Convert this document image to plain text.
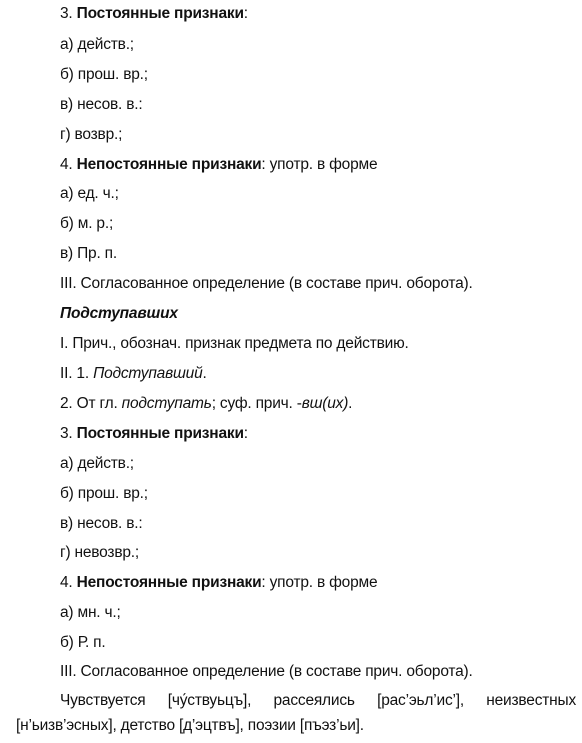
3. Постоянные признаки:
а) действ.;
б) прош. вр.;
в) несов. в.:
г) возвр.;
4. Непостоянные признаки: употр. в форме
а) ед. ч.;
б) м. р.;
в) Пр. п.
III. Согласованное определение (в составе прич. оборота).
Подступавших
I. Прич., обознач. признак предмета по действию.
II. 1. Подступавший.
2. От гл. подступать; суф. прич. -вш(их).
3. Постоянные признаки:
а) действ.;
б) прош. вр.;
в) несов. в.:
г) невозвр.;
4. Непостоянные признаки: употр. в форме
а) мн. ч.;
б) Р. п.
III. Согласованное определение (в составе прич. оборота).
Чувствуется [чу́ствуьцъ], рассеялись [рас’эьл’ис’], неизвестных [н’ьизв’эсных], детство [д’эцтвъ], поэзии [пъэз’ьи].
